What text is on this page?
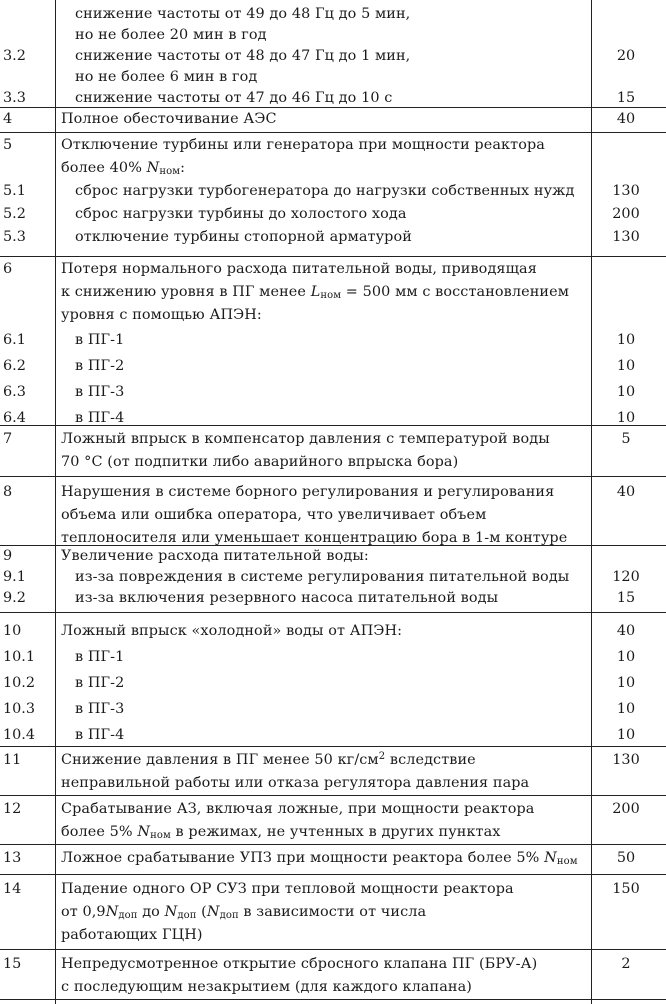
снижение частоты от 49 до 48 Гц до 5 мин,
но не более 20 мин в год
3.2	снижение частоты от 48 до 47 Гц до 1 мин,	20
но не более 6 мин в год
3.3	снижение частоты от 47 до 46 Гц до 10 с	15
4	Полное обесточивание АЭС	40
5	Отключение турбины или генератора при мощности реактора
более 40% $N_{ном}$:
5.1	сброс нагрузки турбогенератора до нагрузки собственных нужд	130
5.2	сброс нагрузки турбины до холостого хода	200
5.3	отключение турбины стопорной арматурой	130
6	Потеря нормального расхода питательной воды, приводящая
к снижению уровня в ПГ менее $L_{ном} = 500$ мм с восстановлением
уровня с помощью АПЭН:
6.1	в ПГ-1	10
6.2	в ПГ-2	10
6.3	в ПГ-3	10
6.4	в ПГ-4	10
7	Ложный впрыск в компенсатор давления с температурой воды	5
70 °С (от подпитки либо аварийного впрыска бора)
8	Нарушения в системе борного регулирования и регулирования	40
объема или ошибка оператора, что увеличивает объем
теплоносителя или уменьшает концентрацию бора в 1-м контуре
9	Увеличение расхода питательной воды:
9.1	из-за повреждения в системе регулирования питательной воды	120
9.2	из-за включения резервного насоса питательной воды	15
10	Ложный впрыск «холодной» воды от АПЭН:	40
10.1	в ПГ-1	10
10.2	в ПГ-2	10
10.3	в ПГ-3	10
10.4	в ПГ-4	10
11	Снижение давления в ПГ менее 50 $кг/см^2$ вследствие	130
неправильной работы или отказа регулятора давления пара
12	Срабатывание АЗ, включая ложные, при мощности реактора	200
более 5% $N_{ном}$ в режимах, не учтенных в других пунктах
13	Ложное срабатывание УПЗ при мощности реактора более 5% $N_{ном}$	50
14	Падение одного ОР СУЗ при тепловой мощности реактора	150
от $0,9N_{доп}$ до $N_{доп}$ ($N_{доп}$ в зависимости от числа
работающих ГЦН)
15	Непредусмотренное открытие сбросного клапана ПГ (БРУ-А)	2
с последующим незакрытием (для каждого клапана)
